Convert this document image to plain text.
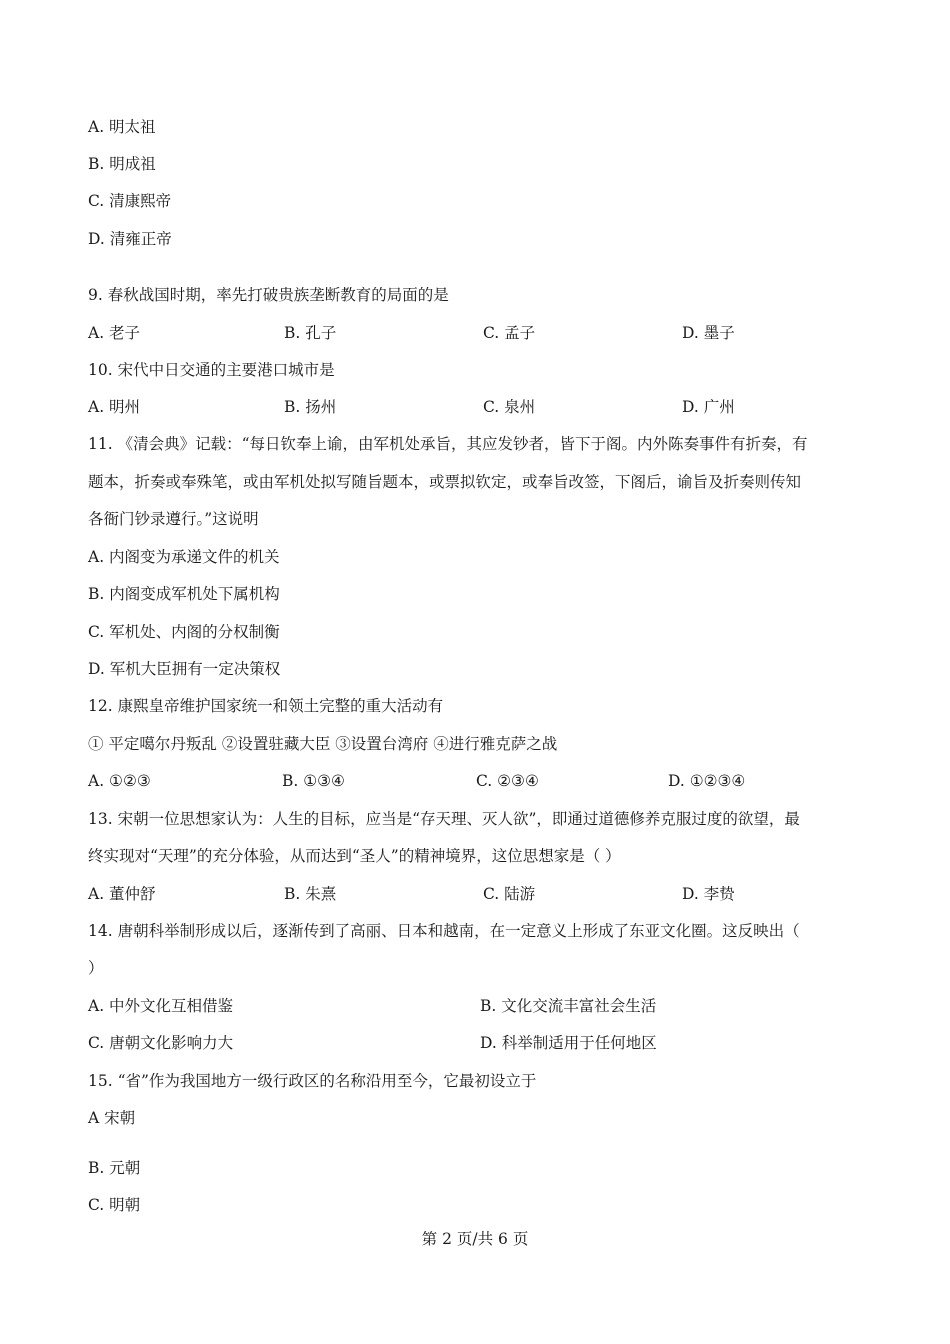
A. 明太祖
B. 明成祖
C. 清康熙帝
D. 清雍正帝
9. 春秋战国时期，率先打破贵族垄断教育的局面的是
A. 老子	B. 孔子	C. 孟子	D. 墨子
10. 宋代中日交通的主要港口城市是
A. 明州	B. 扬州	C. 泉州	D. 广州
11. 《清会典》记载：“每日钦奉上谕，由军机处承旨，其应发钞者，皆下于阁。内外陈奏事件有折奏，有
题本，折奏或奉殊笔，或由军机处拟写随旨题本，或票拟钦定，或奉旨改签，下阁后，谕旨及折奏则传知
各衙门钞录遵行。”这说明
A. 内阁变为承递文件的机关
B. 内阁变成军机处下属机构
C. 军机处、内阁的分权制衡
D. 军机大臣拥有一定决策权
12. 康熙皇帝维护国家统一和领土完整的重大活动有
① 平定噶尔丹叛乱 ②设置驻藏大臣 ③设置台湾府 ④进行雅克萨之战
A. ①②③	B. ①③④	C. ②③④	D. ①②③④
13. 宋朝一位思想家认为：人生的目标，应当是“存天理、灭人欲”，即通过道德修养克服过度的欲望，最
终实现对“天理”的充分体验，从而达到“圣人”的精神境界，这位思想家是（ ）
A. 董仲舒	B. 朱熹	C. 陆游	D. 李贽
14. 唐朝科举制形成以后，逐渐传到了高丽、日本和越南，在一定意义上形成了东亚文化圈。这反映出（
）
A. 中外文化互相借鉴	B. 文化交流丰富社会生活
C. 唐朝文化影响力大	D. 科举制适用于任何地区
15. “省”作为我国地方一级行政区的名称沿用至今，它最初设立于
A 宋朝
B. 元朝
C. 明朝
第 2 页/共 6 页
